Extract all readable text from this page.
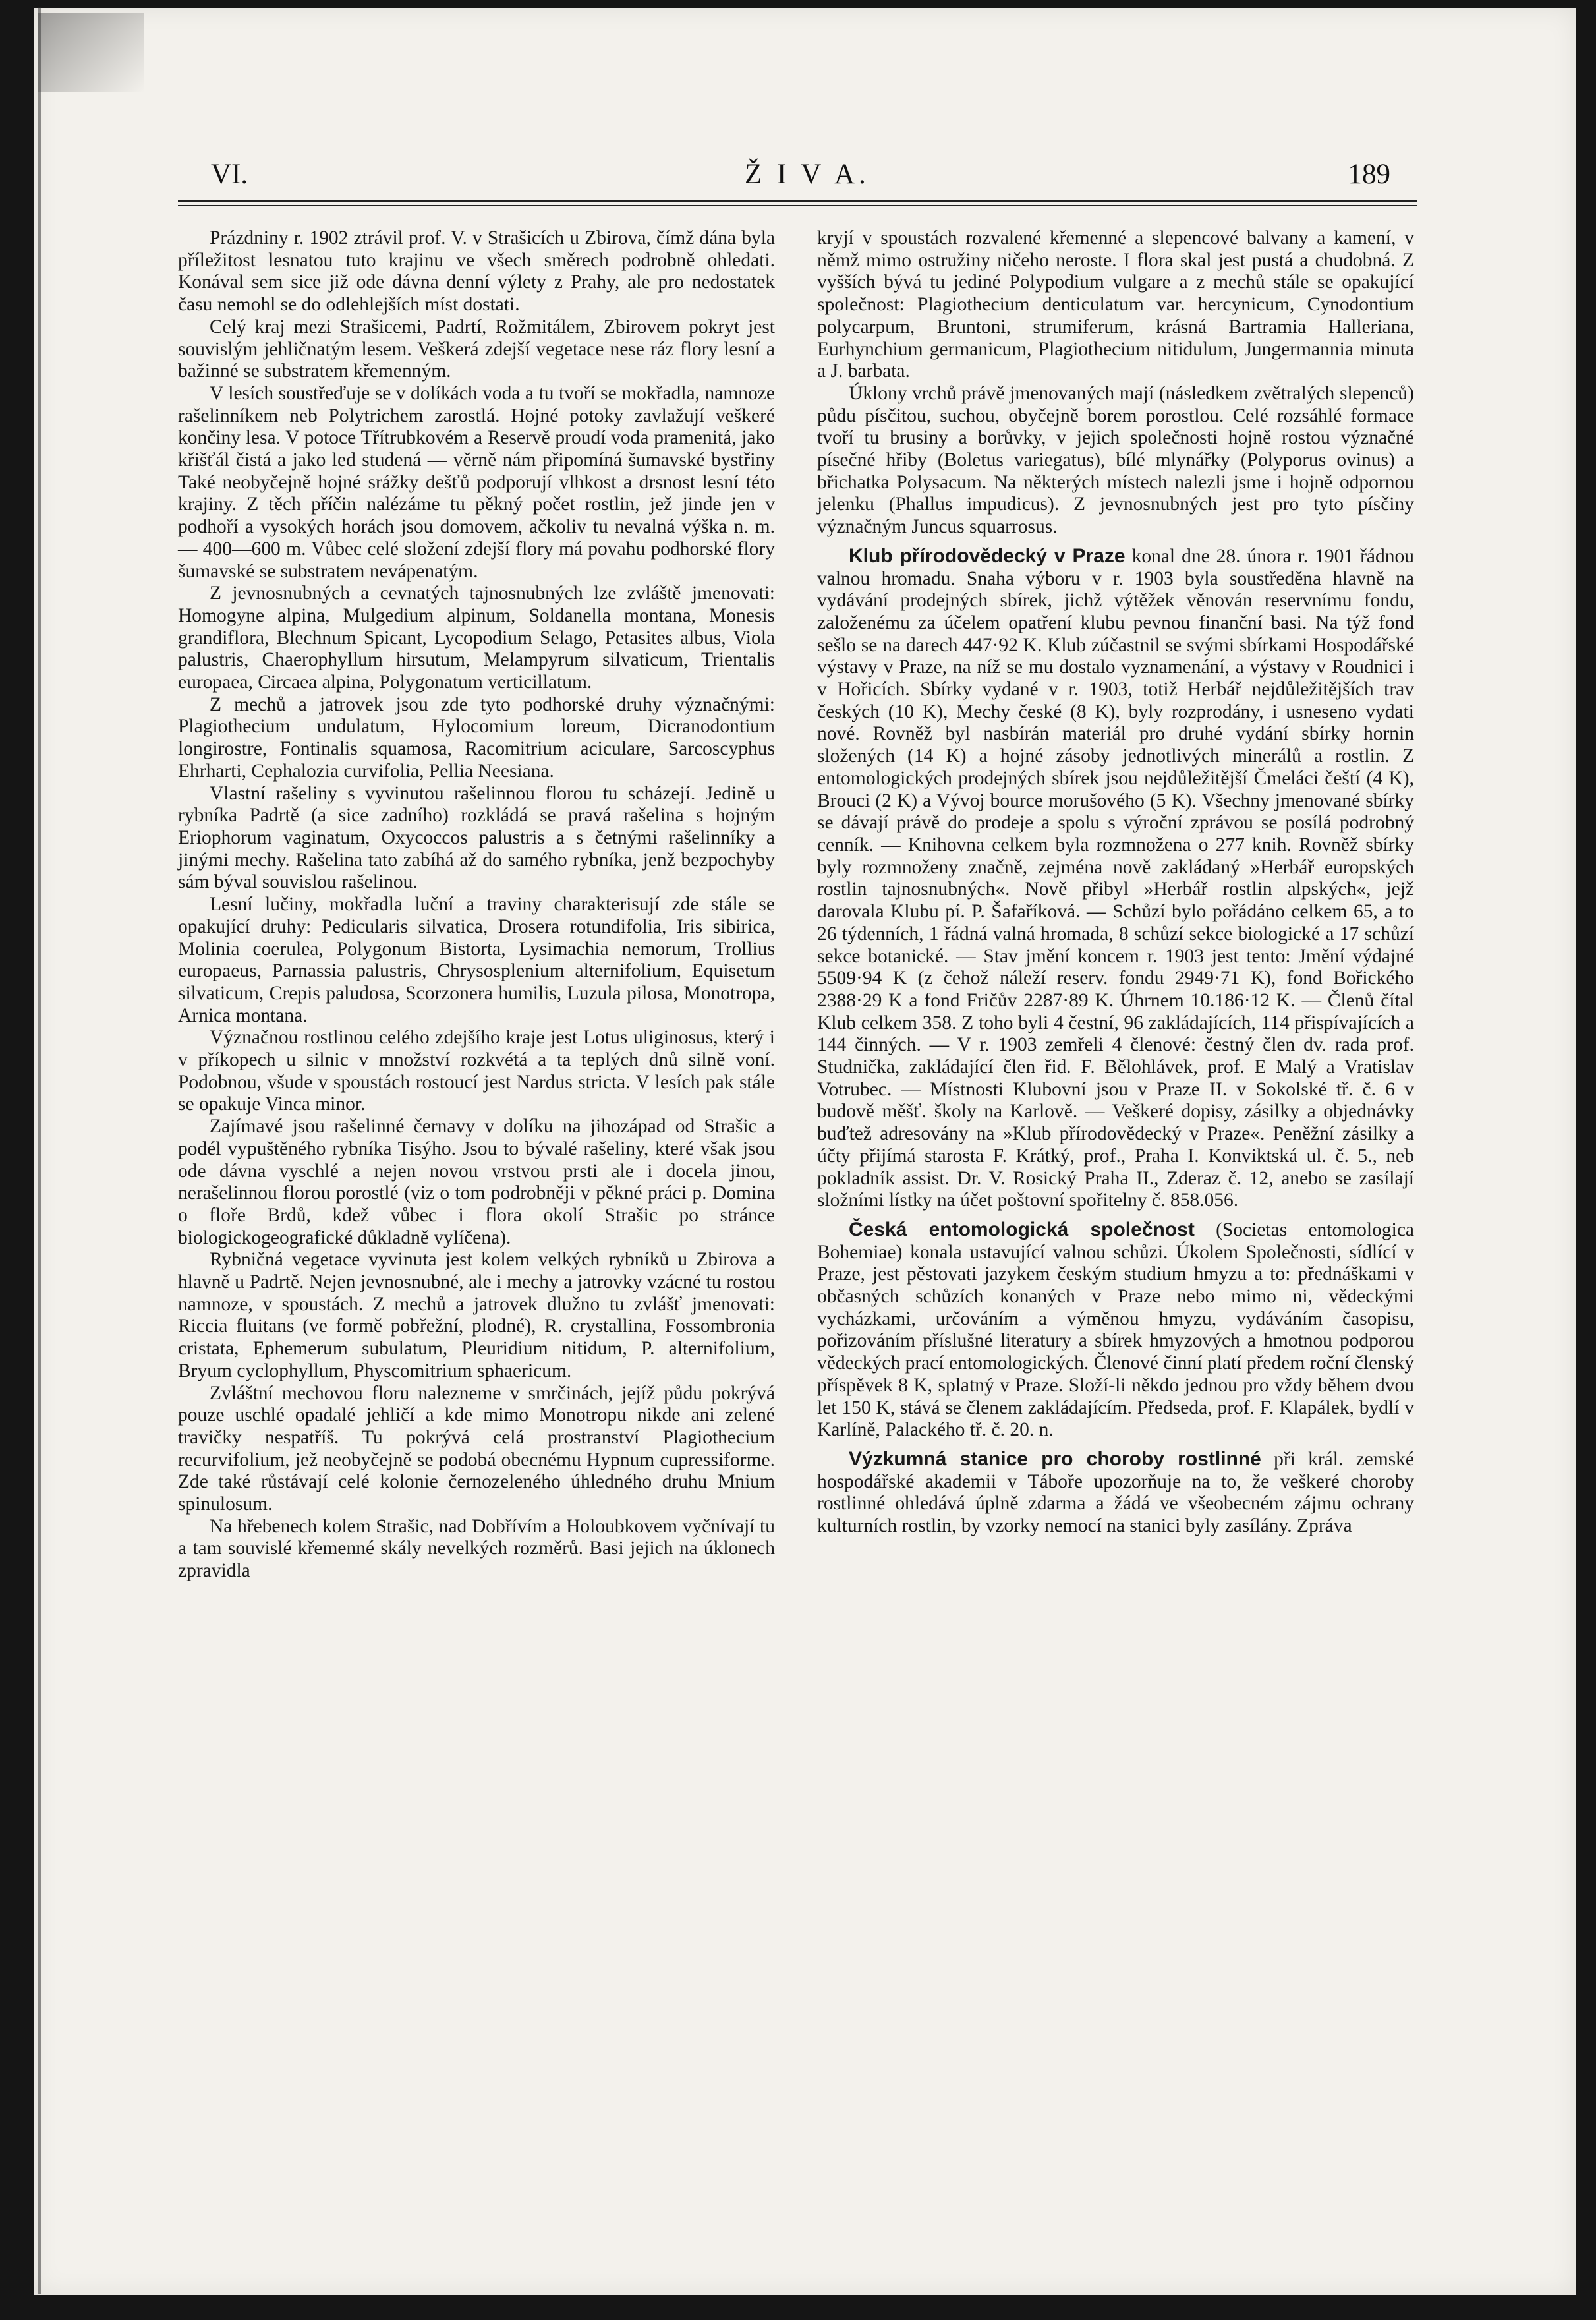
VI.	Ž I V A.	189

Prázdniny r. 1902 ztrávil prof. V. v Strašicích u Zbirova, čímž dána byla příležitost lesnatou tuto krajinu ve všech směrech podrobně ohledati. Konával sem sice již ode dávna denní výlety z Prahy, ale pro nedostatek času nemohl se do odlehlejších míst dostati.

Celý kraj mezi Strašicemi, Padrtí, Rožmitálem, Zbirovem pokryt jest souvislým jehličnatým lesem. Veškerá zdejší vegetace nese ráz flory lesní a bažinné se substratem křemenným.

V lesích soustřeďuje se v dolíkách voda a tu tvoří se mokřadla, namnoze rašelinníkem neb Polytrichem zarostlá. Hojné potoky zavlažují veškeré končiny lesa. V potoce Třítrubkovém a Reservě proudí voda pramenitá, jako křišťál čistá a jako led studená — věrně nám připomíná šumavské bystřiny Také neobyčejně hojné srážky dešťů podporují vlhkost a drsnost lesní této krajiny. Z těch příčin nalézáme tu pěkný počet rostlin, jež jinde jen v podhoří a vysokých horách jsou domovem, ačkoliv tu nevalná výška n. m. — 400—600 m. Vůbec celé složení zdejší flory má povahu podhorské flory šumavské se substratem nevápenatým.

Z jevnosnubných a cevnatých tajnosnubných lze zvláště jmenovati: Homogyne alpina, Mulgedium alpinum, Soldanella montana, Monesis grandiflora, Blechnum Spicant, Lycopodium Selago, Petasites albus, Viola palustris, Chaerophyllum hirsutum, Melampyrum silvaticum, Trientalis europaea, Circaea alpina, Polygonatum verticillatum.

Z mechů a jatrovek jsou zde tyto podhorské druhy význačnými: Plagiothecium undulatum, Hylocomium loreum, Dicranodontium longirostre, Fontinalis squamosa, Racomitrium aciculare, Sarcoscyphus Ehrharti, Cephalozia curvifolia, Pellia Neesiana.

Vlastní rašeliny s vyvinutou rašelinnou florou tu scházejí. Jedině u rybníka Padrtě (a sice zadního) rozkládá se pravá rašelina s hojným Eriophorum vaginatum, Oxycoccos palustris a s četnými rašelinníky a jinými mechy. Rašelina tato zabíhá až do samého rybníka, jenž bezpochyby sám býval souvislou rašelinou.

Lesní lučiny, mokřadla luční a traviny charakterisují zde stále se opakující druhy: Pedicularis silvatica, Drosera rotundifolia, Iris sibirica, Molinia coerulea, Polygonum Bistorta, Lysimachia nemorum, Trollius europaeus, Parnassia palustris, Chrysosplenium alternifolium, Equisetum silvaticum, Crepis paludosa, Scorzonera humilis, Luzula pilosa, Monotropa, Arnica montana.

Význačnou rostlinou celého zdejšího kraje jest Lotus uliginosus, který i v příkopech u silnic v množství rozkvétá a ta teplých dnů silně voní. Podobnou, všude v spoustách rostoucí jest Nardus stricta. V lesích pak stále se opakuje Vinca minor.

Zajímavé jsou rašelinné černavy v dolíku na jihozápad od Strašic a podél vypuštěného rybníka Tisýho. Jsou to bývalé rašeliny, které však jsou ode dávna vyschlé a nejen novou vrstvou prsti ale i docela jinou, nerašelinnou florou porostlé (viz o tom podrobněji v pěkné práci p. Domina o floře Brdů, kdež vůbec i flora okolí Strašic po stránce biologickogeografické důkladně vylíčena).

Rybničná vegetace vyvinuta jest kolem velkých rybníků u Zbirova a hlavně u Padrtě. Nejen jevnosnubné, ale i mechy a jatrovky vzácné tu rostou namnoze, v spoustách. Z mechů a jatrovek dlužno tu zvlášť jmenovati: Riccia fluitans (ve formě pobřežní, plodné), R. crystallina, Fossombronia cristata, Ephemerum subulatum, Pleuridium nitidum, P. alternifolium, Bryum cyclophyllum, Physcomitrium sphaericum.

Zvláštní mechovou floru nalezneme v smrčinách, jejíž půdu pokrývá pouze uschlé opadalé jehličí a kde mimo Monotropu nikde ani zelené travičky nespatříš. Tu pokrývá celá prostranství Plagiothecium recurvifolium, jež neobyčejně se podobá obecnému Hypnum cupressiforme. Zde také růstávají celé kolonie černozeleného úhledného druhu Mnium spinulosum.

Na hřebenech kolem Strašic, nad Dobřívím a Holoubkovem vyčnívají tu a tam souvislé křemenné skály nevelkých rozměrů. Basi jejich na úklonech zpravidla

kryjí v spoustách rozvalené křemenné a slepencové balvany a kamení, v němž mimo ostružiny ničeho neroste. I flora skal jest pustá a chudobná. Z vyšších bývá tu jediné Polypodium vulgare a z mechů stále se opakující společnost: Plagiothecium denticulatum var. hercynicum, Cynodontium polycarpum, Bruntoni, strumiferum, krásná Bartramia Halleriana, Eurhynchium germanicum, Plagiothecium nitidulum, Jungermannia minuta a J. barbata.

Úklony vrchů právě jmenovaných mají (následkem zvětralých slepenců) půdu písčitou, suchou, obyčejně borem porostlou. Celé rozsáhlé formace tvoří tu brusiny a borůvky, v jejich společnosti hojně rostou význačné písečné hřiby (Boletus variegatus), bílé mlynářky (Polyporus ovinus) a břichatka Polysacum. Na některých místech nalezli jsme i hojně odpornou jelenku (Phallus impudicus). Z jevnosnubných jest pro tyto písčiny význačným Juncus squarrosus.

Klub přírodovědecký v Praze konal dne 28. února r. 1901 řádnou valnou hromadu. Snaha výboru v r. 1903 byla soustředěna hlavně na vydávání prodejných sbírek, jichž výtěžek věnován reservnímu fondu, založenému za účelem opatření klubu pevnou finanční basi. Na týž fond sešlo se na darech 447·92 K. Klub zúčastnil se svými sbírkami Hospodářské výstavy v Praze, na níž se mu dostalo vyznamenání, a výstavy v Roudnici i v Hořicích. Sbírky vydané v r. 1903, totiž Herbář nejdůležitějších trav českých (10 K), Mechy české (8 K), byly rozprodány, i usneseno vydati nové. Rovněž byl nasbírán materiál pro druhé vydání sbírky hornin složených (14 K) a hojné zásoby jednotlivých minerálů a rostlin. Z entomologických prodejných sbírek jsou nejdůležitější Čmeláci čeští (4 K), Brouci (2 K) a Vývoj bource morušového (5 K). Všechny jmenované sbírky se dávají právě do prodeje a spolu s výroční zprávou se posílá podrobný cenník. — Knihovna celkem byla rozmnožena o 277 knih. Rovněž sbírky byly rozmnoženy značně, zejména nově zakládaný »Herbář europských rostlin tajnosnubných«. Nově přibyl »Herbář rostlin alpských«, jejž darovala Klubu pí. P. Šafaříková. — Schůzí bylo pořádáno celkem 65, a to 26 týdenních, 1 řádná valná hromada, 8 schůzí sekce biologické a 17 schůzí sekce botanické. — Stav jmění koncem r. 1903 jest tento: Jmění výdajné 5509·94 K (z čehož náleží reserv. fondu 2949·71 K), fond Bořického 2388·29 K a fond Fričův 2287·89 K. Úhrnem 10.186·12 K. — Členů čítal Klub celkem 358. Z toho byli 4 čestní, 96 zakládajících, 114 přispívajících a 144 činných. — V r. 1903 zemřeli 4 členové: čestný člen dv. rada prof. Studnička, zakládající člen řid. F. Bělohlávek, prof. E Malý a Vratislav Votrubec. — Místnosti Klubovní jsou v Praze II. v Sokolské tř. č. 6 v budově měšť. školy na Karlově. — Veškeré dopisy, zásilky a objednávky buďtež adresovány na »Klub přírodovědecký v Praze«. Peněžní zásilky a účty přijímá starosta F. Krátký, prof., Praha I. Konviktská ul. č. 5., neb pokladník assist. Dr. V. Rosický Praha II., Zderaz č. 12, anebo se zasílají složními lístky na účet poštovní spořitelny č. 858.056.

Česká entomologická společnost (Societas entomologica Bohemiae) konala ustavující valnou schůzi. Úkolem Společnosti, sídlící v Praze, jest pěstovati jazykem českým studium hmyzu a to: přednáškami v občasných schůzích konaných v Praze nebo mimo ni, vědeckými vycházkami, určováním a výměnou hmyzu, vydáváním časopisu, pořizováním příslušné literatury a sbírek hmyzových a hmotnou podporou vědeckých prací entomologických. Členové činní platí předem roční členský příspěvek 8 K, splatný v Praze. Složí-li někdo jednou pro vždy během dvou let 150 K, stává se členem zakládajícím. Předseda, prof. F. Klapálek, bydlí v Karlíně, Palackého tř. č. 20. n.

Výzkumná stanice pro choroby rostlinné při král. zemské hospodářské akademii v Táboře upozorňuje na to, že veškeré choroby rostlinné ohledává úplně zdarma a žádá ve všeobecném zájmu ochrany kulturních rostlin, by vzorky nemocí na stanici byly zasílány. Zpráva
